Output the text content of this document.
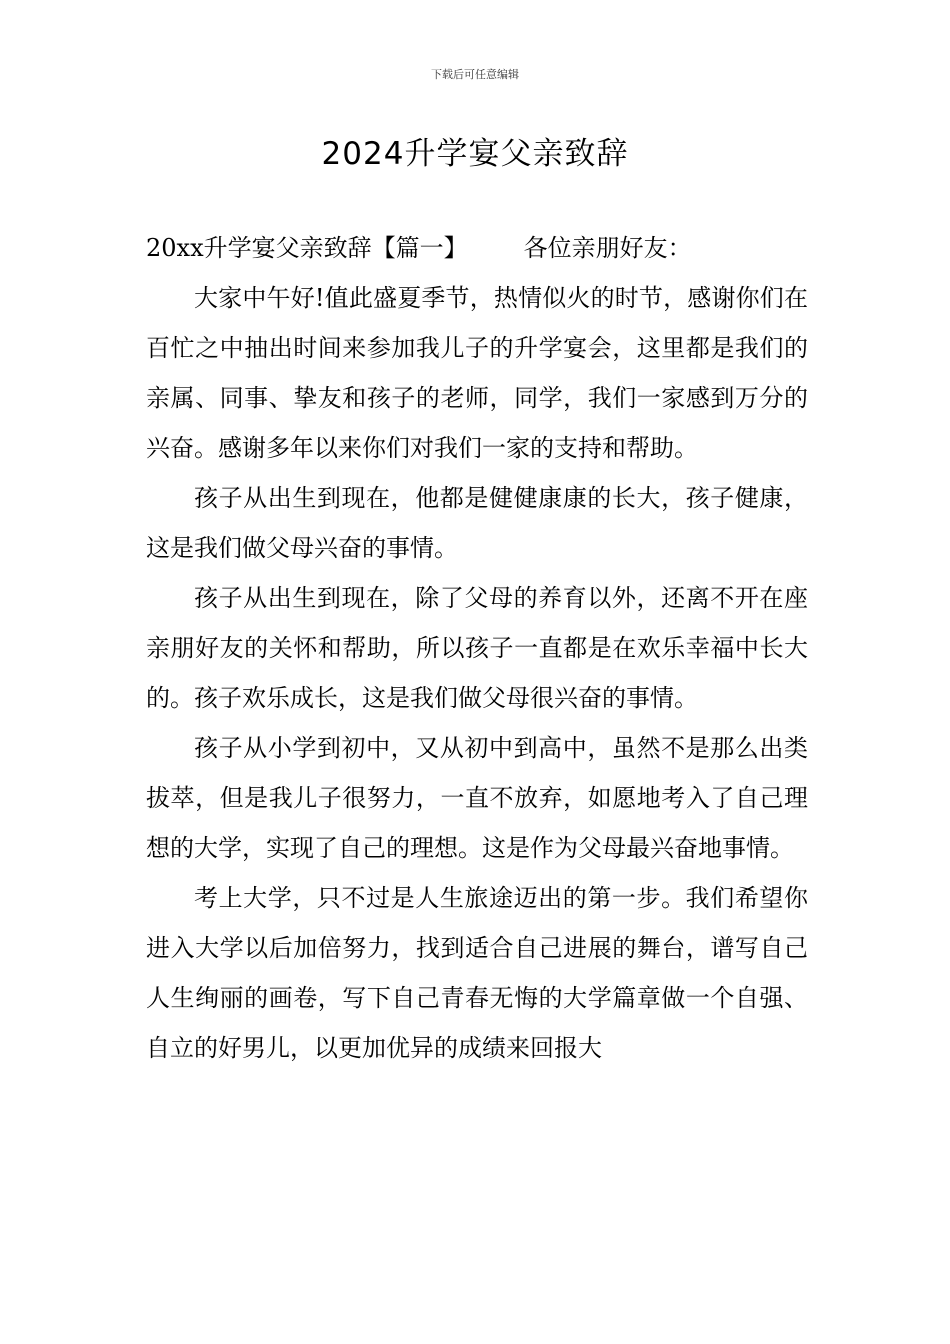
下载后可任意编辑
2024升学宴父亲致辞

20xx升学宴父亲致辞【篇一】 各位亲朋好友：

大家中午好!值此盛夏季节，热情似火的时节，感谢你们在百忙之中抽出时间来参加我儿子的升学宴会，这里都是我们的亲属、同事、挚友和孩子的老师，同学，我们一家感到万分的兴奋。感谢多年以来你们对我们一家的支持和帮助。

孩子从出生到现在，他都是健健康康的长大，孩子健康，这是我们做父母兴奋的事情。

孩子从出生到现在，除了父母的养育以外，还离不开在座亲朋好友的关怀和帮助，所以孩子一直都是在欢乐幸福中长大的。孩子欢乐成长，这是我们做父母很兴奋的事情。

孩子从小学到初中，又从初中到高中，虽然不是那么出类拔萃，但是我儿子很努力，一直不放弃，如愿地考入了自己理想的大学，实现了自己的理想。这是作为父母最兴奋地事情。

考上大学，只不过是人生旅途迈出的第一步。我们希望你进入大学以后加倍努力，找到适合自己进展的舞台，谱写自己人生绚丽的画卷，写下自己青春无悔的大学篇章做一个自强、自立的好男儿，以更加优异的成绩来回报大
